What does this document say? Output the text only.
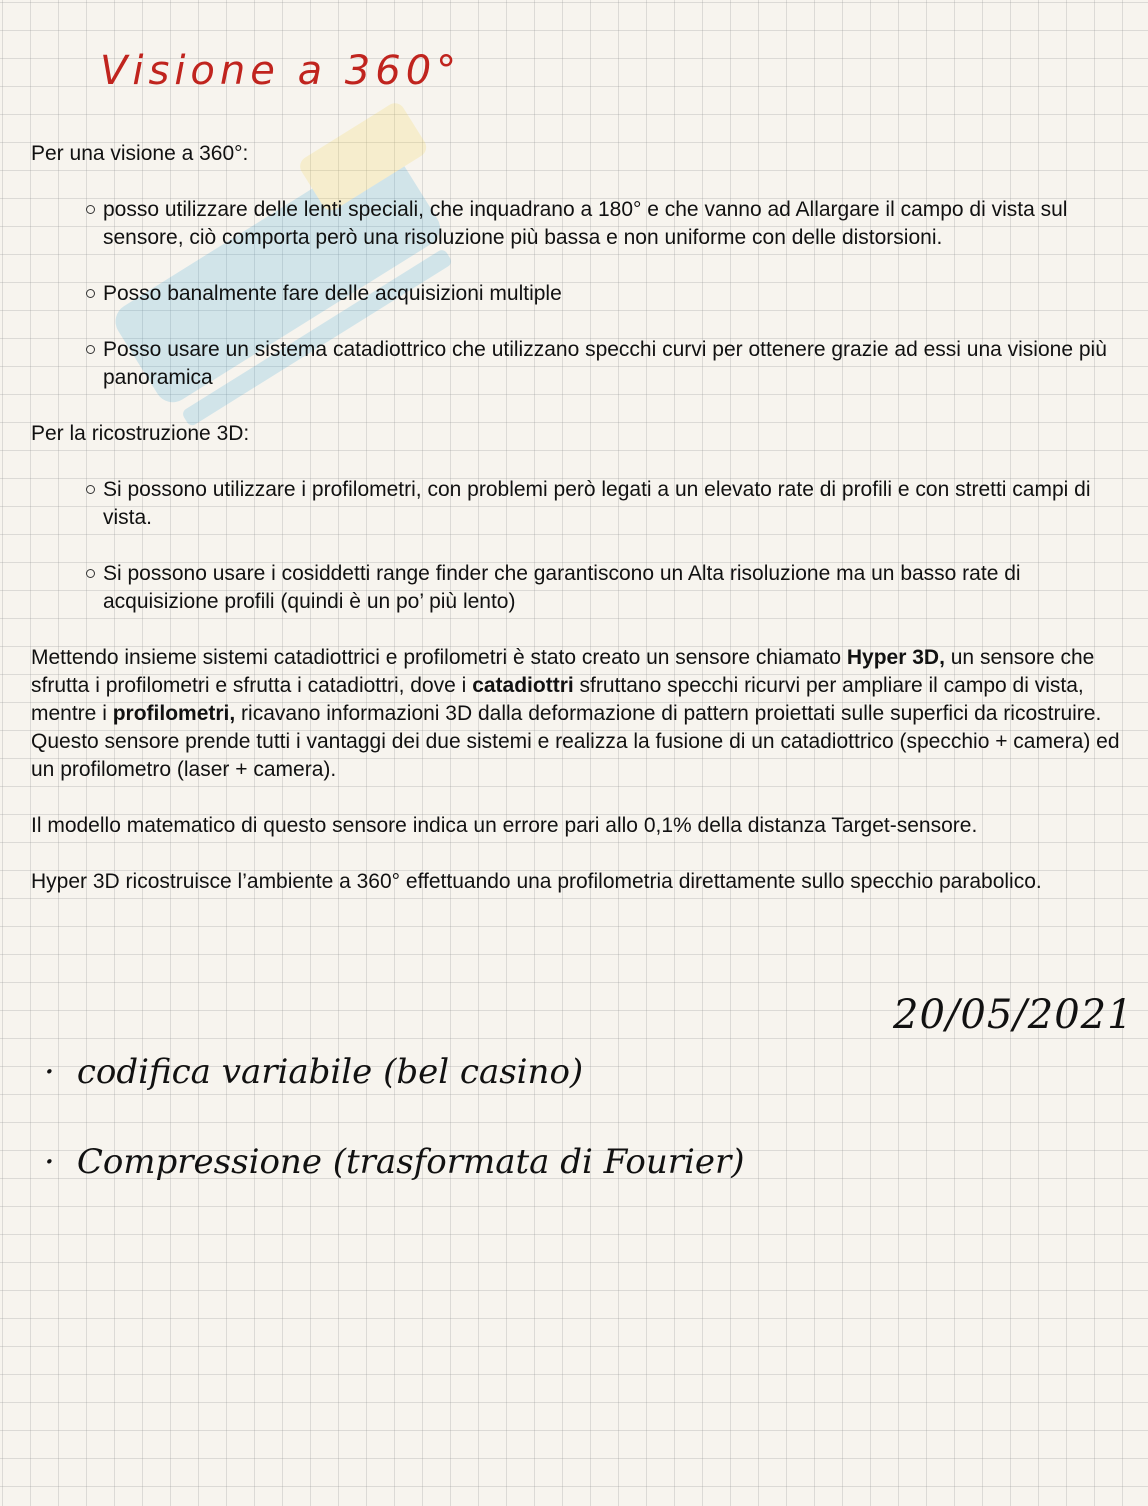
Visione a 360°

Per una visione a 360°:

posso utilizzare delle lenti speciali, che inquadrano a 180° e che vanno ad Allargare il campo di vista sul sensore, ciò comporta però una risoluzione più bassa e non uniforme con delle distorsioni.
Posso banalmente fare delle acquisizioni multiple
Posso usare un sistema catadiottrico che utilizzano specchi curvi per ottenere grazie ad essi una visione più panoramica

Per la ricostruzione 3D:

Si possono utilizzare i profilometri, con problemi però legati a un elevato rate di profili e con stretti campi di vista.
Si possono usare i cosiddetti range finder che garantiscono un Alta risoluzione ma un basso rate di acquisizione profili (quindi è un po’ più lento)

Mettendo insieme sistemi catadiottrici e profilometri è stato creato un sensore chiamato Hyper 3D, un sensore che sfrutta i profilometri e sfrutta i catadiottri, dove i catadiottri sfruttano specchi ricurvi per ampliare il campo di vista, mentre i profilometri, ricavano informazioni 3D dalla deformazione di pattern proiettati sulle superfici da ricostruire. Questo sensore prende tutti i vantaggi dei due sistemi e realizza la fusione di un catadiottrico (specchio + camera) ed un profilometro (laser + camera).

Il modello matematico di questo sensore indica un errore pari allo 0,1% della distanza Target-sensore.

Hyper 3D ricostruisce l’ambiente a 360° effettuando una profilometria direttamente sullo specchio parabolico.

20/05/2021
· codifica variabile (bel casino)
· Compressione (trasformata di Fourier)
